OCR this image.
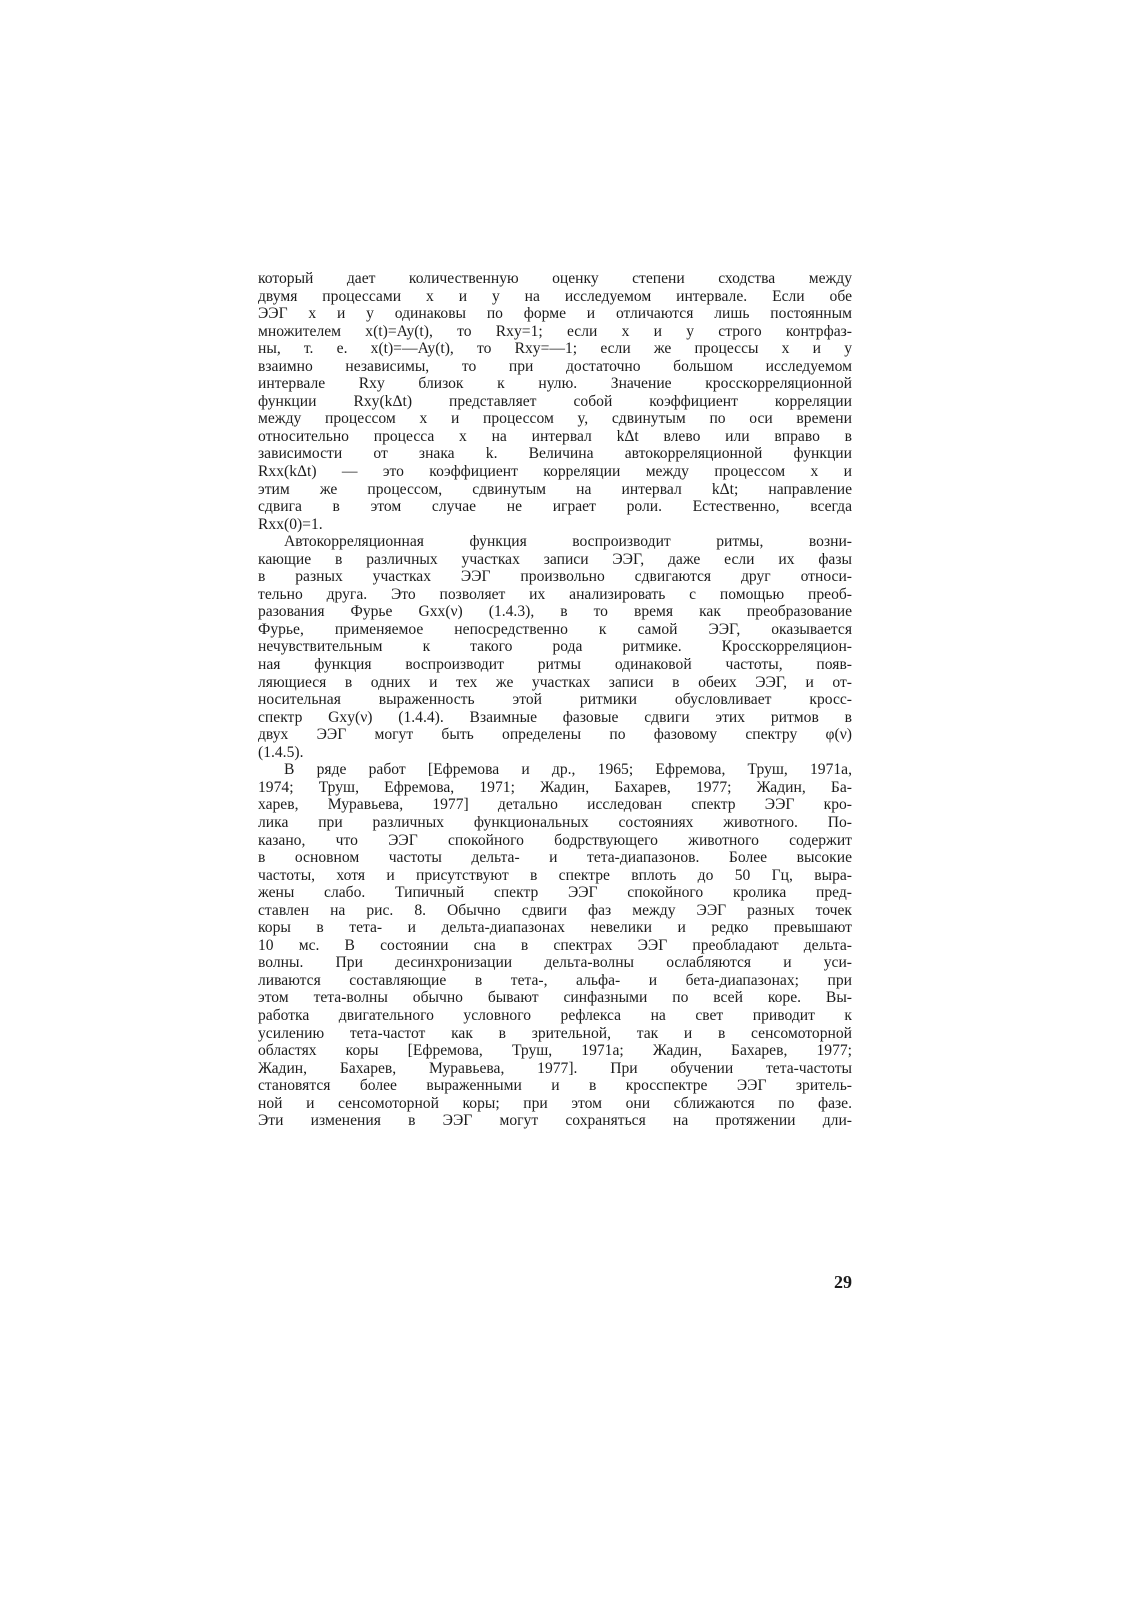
который дает количественную оценку степени сходства между
двумя процессами x и y на исследуемом интервале. Если обе
ЭЭГ x и y одинаковы по форме и отличаются лишь постоянным
множителем x(t)=Ay(t), то Rxy=1; если x и y строго контрфаз-
ны, т. е. x(t)=—Ay(t), то Rxy=—1; если же процессы x и y
взаимно независимы, то при достаточно большом исследуемом
интервале Rxy близок к нулю. Значение кросскорреляционной
функции Rxy(kΔt) представляет собой коэффициент корреляции
между процессом x и процессом y, сдвинутым по оси времени
относительно процесса x на интервал kΔt влево или вправо в
зависимости от знака k. Величина автокорреляционной функции
Rxx(kΔt) — это коэффициент корреляции между процессом x и
этим же процессом, сдвинутым на интервал kΔt; направление
сдвига в этом случае не играет роли. Естественно, всегда
Rxx(0)=1.
Автокорреляционная функция воспроизводит ритмы, возни-
кающие в различных участках записи ЭЭГ, даже если их фазы
в разных участках ЭЭГ произвольно сдвигаются друг относи-
тельно друга. Это позволяет их анализировать с помощью преоб-
разования Фурье Gxx(ν) (1.4.3), в то время как преобразование
Фурье, применяемое непосредственно к самой ЭЭГ, оказывается
нечувствительным к такого рода ритмике. Кросскорреляцион-
ная функция воспроизводит ритмы одинаковой частоты, появ-
ляющиеся в одних и тех же участках записи в обеих ЭЭГ, и от-
носительная выраженность этой ритмики обусловливает кросс-
спектр Gxy(ν) (1.4.4). Взаимные фазовые сдвиги этих ритмов в
двух ЭЭГ могут быть определены по фазовому спектру φ(ν)
(1.4.5).
В ряде работ [Ефремова и др., 1965; Ефремова, Труш, 1971а,
1974; Труш, Ефремова, 1971; Жадин, Бахарев, 1977; Жадин, Ба-
харев, Муравьева, 1977] детально исследован спектр ЭЭГ кро-
лика при различных функциональных состояниях животного. По-
казано, что ЭЭГ спокойного бодрствующего животного содержит
в основном частоты дельта- и тета-диапазонов. Более высокие
частоты, хотя и присутствуют в спектре вплоть до 50 Гц, выра-
жены слабо. Типичный спектр ЭЭГ спокойного кролика пред-
ставлен на рис. 8. Обычно сдвиги фаз между ЭЭГ разных точек
коры в тета- и дельта-диапазонах невелики и редко превышают
10 мс. В состоянии сна в спектрах ЭЭГ преобладают дельта-
волны. При десинхронизации дельта-волны ослабляются и уси-
ливаются составляющие в тета-, альфа- и бета-диапазонах; при
этом тета-волны обычно бывают синфазными по всей коре. Вы-
работка двигательного условного рефлекса на свет приводит к
усилению тета-частот как в зрительной, так и в сенсомоторной
областях коры [Ефремова, Труш, 1971а; Жадин, Бахарев, 1977;
Жадин, Бахарев, Муравьева, 1977]. При обучении тета-частоты
становятся более выраженными и в кросспектре ЭЭГ зритель-
ной и сенсомоторной коры; при этом они сближаются по фазе.
Эти изменения в ЭЭГ могут сохраняться на протяжении дли-
29
